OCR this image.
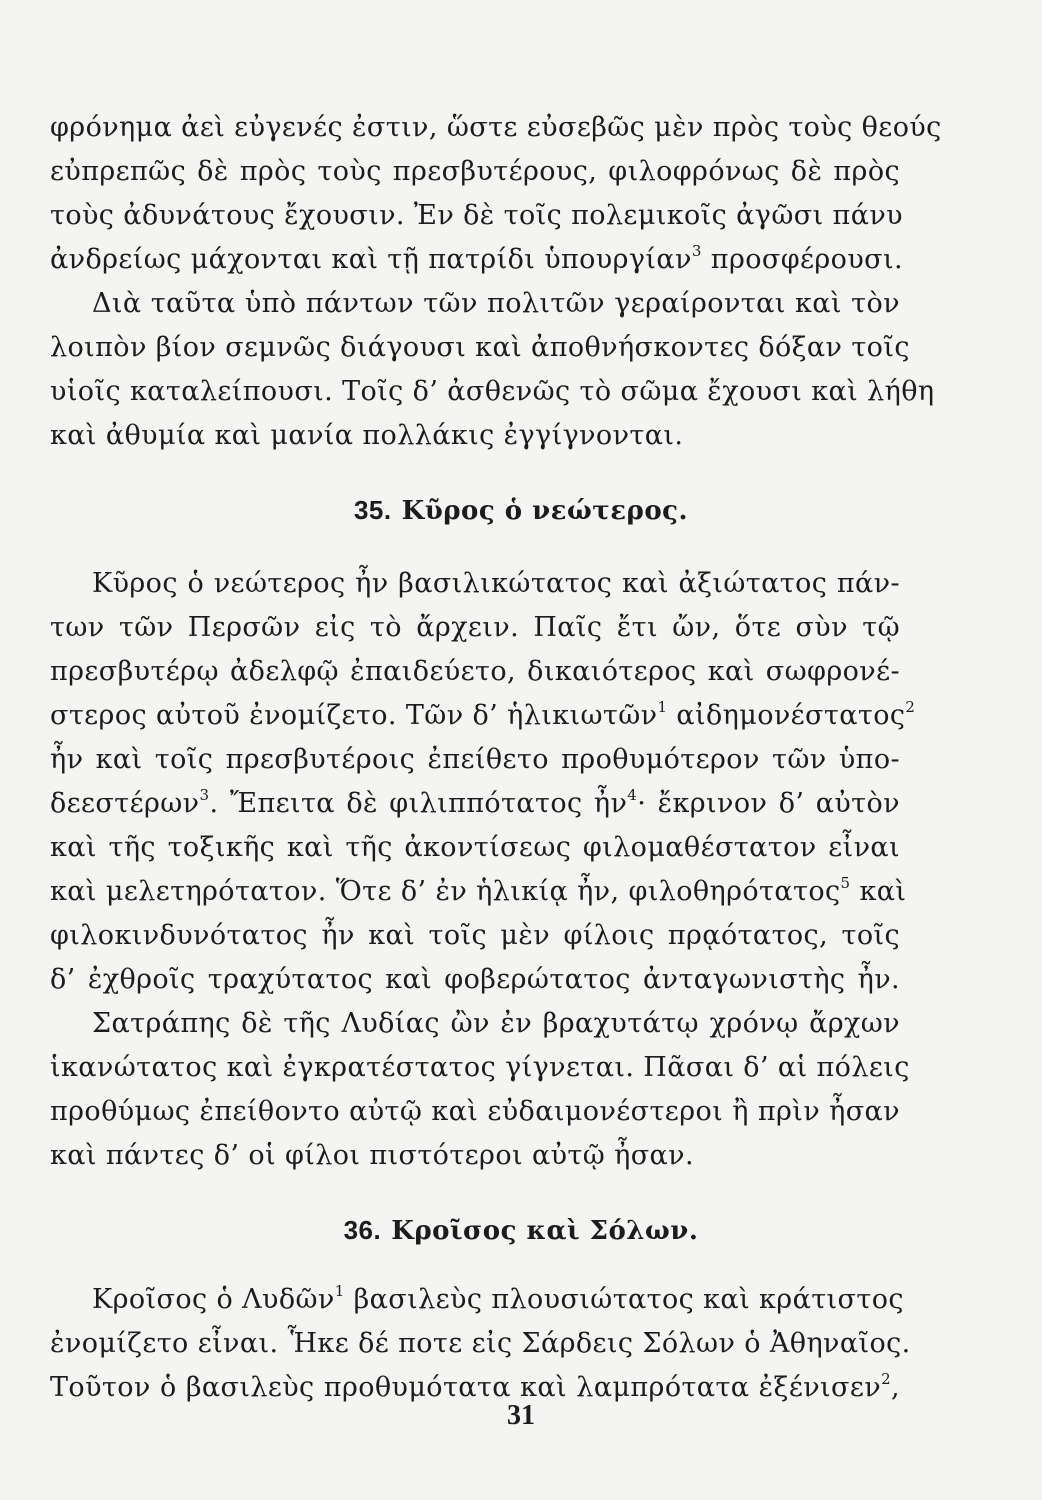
φρόνημα ἀεὶ εὐγενές ἐστιν, ὥστε εὐσεβῶς μὲν πρὸς τοὺς θεούς
εὐπρεπῶς δὲ πρὸς τοὺς πρεσβυτέρους, φιλοφρόνως δὲ πρὸς
τοὺς ἀδυνάτους ἔχουσιν. Ἐν δὲ τοῖς πολεμικοῖς ἀγῶσι πάνυ
ἀνδρείως μάχονται καὶ τῇ πατρίδι ὑπουργίαν$^3$ προσφέρουσι.
Διὰ ταῦτα ὑπὸ πάντων τῶν πολιτῶν γεραίρονται καὶ τὸν
λοιπὸν βίον σεμνῶς διάγουσι καὶ ἀποθνήσκοντες δόξαν τοῖς
υἱοῖς καταλείπουσι. Τοῖς δ’ ἀσθενῶς τὸ σῶμα ἔχουσι καὶ λήθη
καὶ ἀθυμία καὶ μανία πολλάκις ἐγγίγνονται.
35. Κῦρος ὁ νεώτερος.
Κῦρος ὁ νεώτερος ἦν βασιλικώτατος καὶ ἀξιώτατος πάν-
των τῶν Περσῶν εἰς τὸ ἄρχειν. Παῖς ἔτι ὤν, ὅτε σὺν τῷ
πρεσβυτέρῳ ἀδελφῷ ἐπαιδεύετο, δικαιότερος καὶ σωφρονέ-
στερος αὐτοῦ ἐνομίζετο. Τῶν δ’ ἡλικιωτῶν$^1$ αἰδημονέστατος$^2$
ἦν καὶ τοῖς πρεσβυτέροις ἐπείθετο προθυμότερον τῶν ὑπο-
δεεστέρων$^3$. Ἔπειτα δὲ φιλιππότατος ἦν$^4$· ἔκρινον δ’ αὐτὸν
καὶ τῆς τοξικῆς καὶ τῆς ἀκοντίσεως φιλομαθέστατον εἶναι
καὶ μελετηρότατον. Ὅτε δ’ ἐν ἡλικίᾳ ἦν, φιλοθηρότατος$^5$ καὶ
φιλοκινδυνότατος ἦν καὶ τοῖς μὲν φίλοις πρᾳότατος, τοῖς
δ’ ἐχθροῖς τραχύτατος καὶ φοβερώτατος ἀνταγωνιστὴς ἦν.
Σατράπης δὲ τῆς Λυδίας ὢν ἐν βραχυτάτῳ χρόνῳ ἄρχων
ἱκανώτατος καὶ ἐγκρατέστατος γίγνεται. Πᾶσαι δ’ αἱ πόλεις
προθύμως ἐπείθοντο αὐτῷ καὶ εὐδαιμονέστεροι ἢ πρὶν ἦσαν
καὶ πάντες δ’ οἱ φίλοι πιστότεροι αὐτῷ ἦσαν.
36. Κροῖσος καὶ Σόλων.
Κροῖσος ὁ Λυδῶν$^1$ βασιλεὺς πλουσιώτατος καὶ κράτιστος
ἐνομίζετο εἶναι. Ἧκε δέ ποτε εἰς Σάρδεις Σόλων ὁ Ἀθηναῖος.
Τοῦτον ὁ βασιλεὺς προθυμότατα καὶ λαμπρότατα ἐξένισεν$^2$,
31
